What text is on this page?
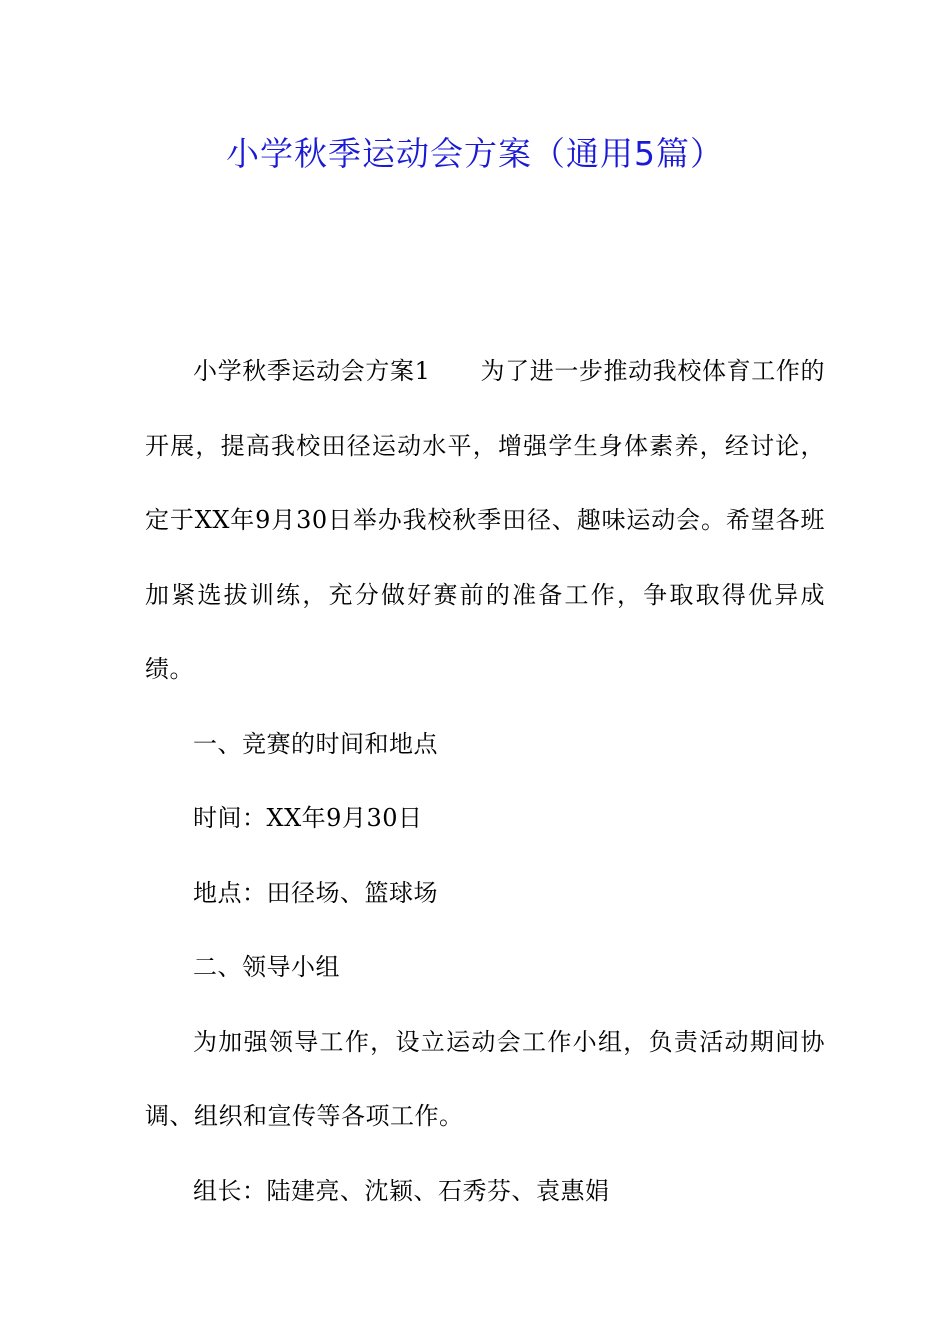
小学秋季运动会方案（通用5篇）

小学秋季运动会方案1 为了进一步推动我校体育工作的开展，提高我校田径运动水平，增强学生身体素养，经讨论，定于XX年9月30日举办我校秋季田径、趣味运动会。希望各班加紧选拔训练，充分做好赛前的准备工作，争取取得优异成绩。

一、竞赛的时间和地点

时间：XX年9月30日

地点：田径场、篮球场

二、领导小组

为加强领导工作，设立运动会工作小组，负责活动期间协调、组织和宣传等各项工作。

组长：陆建亮、沈颖、石秀芬、袁惠娟
